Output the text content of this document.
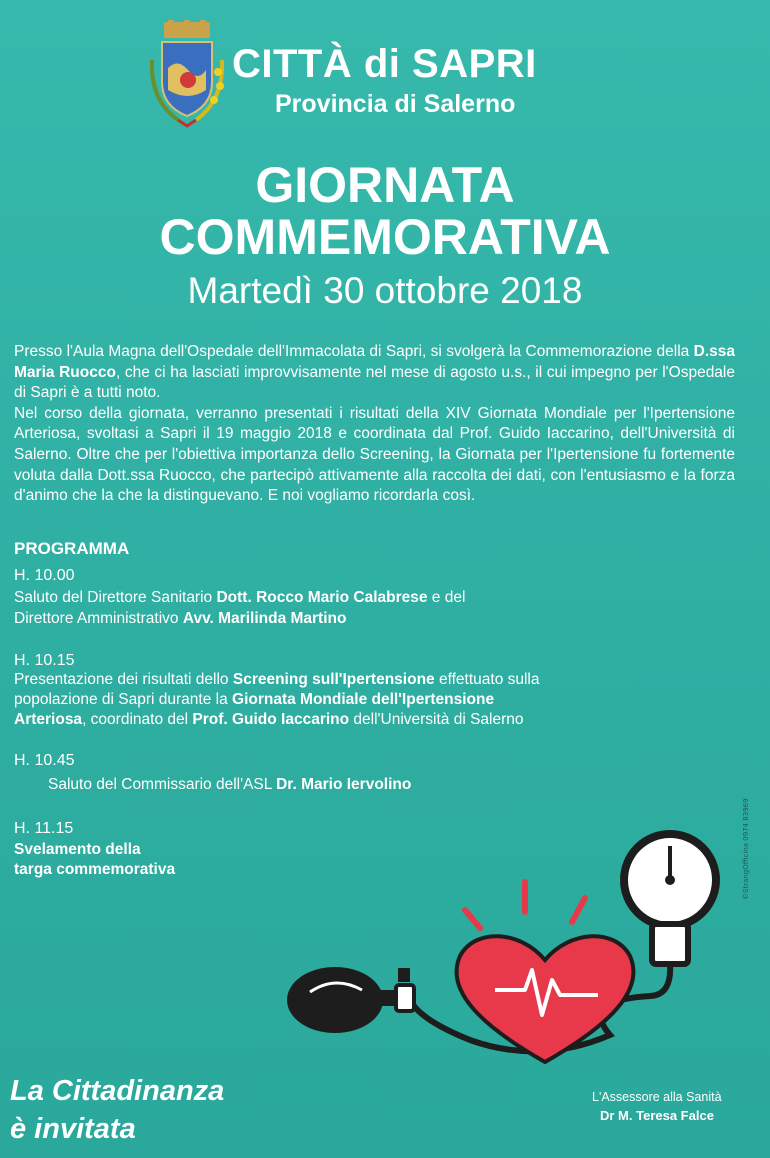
CITTÀ di SAPRI
Provincia di Salerno
GIORNATA
COMMEMORATIVA
Martedì 30 ottobre 2018
Presso l'Aula Magna dell'Ospedale dell'Immacolata di Sapri, si svolgerà la Commemorazione della D.ssa Maria Ruocco, che ci ha lasciati improvvisamente nel mese di agosto u.s., il cui impegno per l'Ospedale di Sapri è a tutti noto.
Nel corso della giornata, verranno presentati i risultati della XIV Giornata Mondiale per l'Ipertensione Arteriosa, svoltasi a Sapri il 19 maggio 2018 e coordinata dal Prof. Guido Iaccarino, dell'Università di Salerno. Oltre che per l'obiettiva importanza dello Screening, la Giornata per l'Ipertensione fu fortemente voluta dalla Dott.ssa Ruocco, che partecipò attivamente alla raccolta dei dati, con l'entusiasmo e la forza d'animo che la che la distinguevano. E noi vogliamo ricordarla così.
PROGRAMMA
H. 10.00
Saluto del Direttore Sanitario Dott. Rocco Mario Calabrese e del
Direttore Amministrativo Avv. Marilinda Martino
H. 10.15
Presentazione dei risultati dello Screening sull'Ipertensione effettuato sulla
popolazione di Sapri durante la Giornata Mondiale dell'Ipertensione
Arteriosa, coordinato del Prof. Guido Iaccarino dell'Università di Salerno
H. 10.45
Saluto del Commissario dell'ASL Dr. Mario Iervolino
H. 11.15
Svelamento della
targa commemorativa	©StrangOfficina 0974 83969
La Cittadinanza
è invitata
L'Assessore alla Sanità
Dr M. Teresa Falce
